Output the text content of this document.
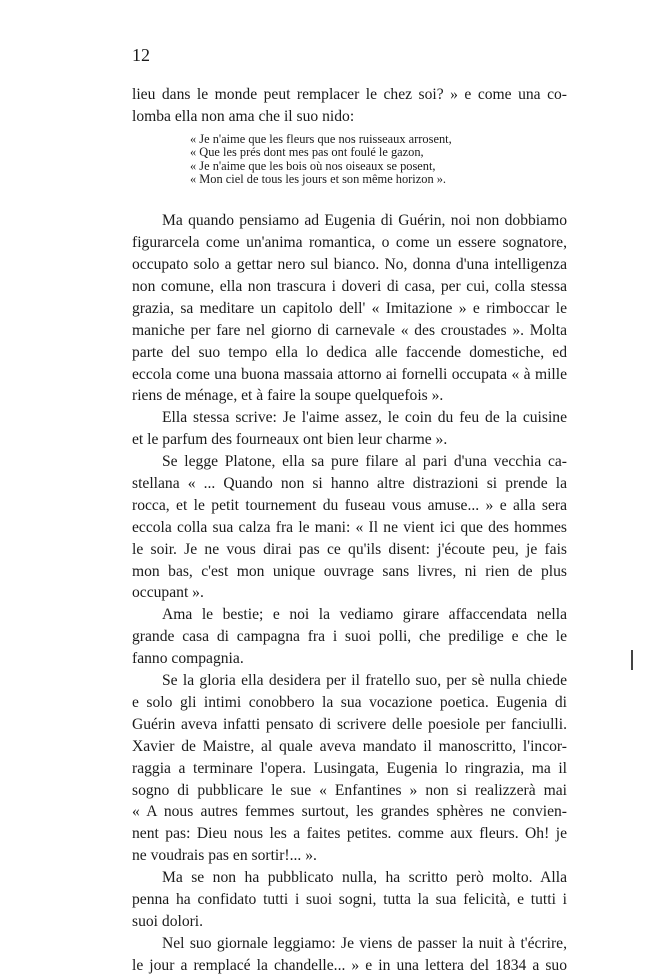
12
lieu dans le monde peut remplacer le chez soi? » e come una co-
lomba ella non ama che il suo nido:
« Je n'aime que les fleurs que nos ruisseaux arrosent,
« Que les prés dont mes pas ont foulé le gazon,
« Je n'aime que les bois où nos oiseaux se posent,
« Mon ciel de tous les jours et son même horizon ».
Ma quando pensiamo ad Eugenia di Guérin, noi non dobbiamo
figurarcela come un'anima romantica, o come un essere sognatore,
occupato solo a gettar nero sul bianco. No, donna d'una intelligenza
non comune, ella non trascura i doveri di casa, per cui, colla stessa
grazia, sa meditare un capitolo dell' « Imitazione » e rimboccar le
maniche per fare nel giorno di carnevale « des croustades ». Molta
parte del suo tempo ella lo dedica alle faccende domestiche, ed
eccola come una buona massaia attorno ai fornelli occupata « à mille
riens de ménage, et à faire la soupe quelquefois ».
Ella stessa scrive: Je l'aime assez, le coin du feu de la cuisine
et le parfum des fourneaux ont bien leur charme ».
Se legge Platone, ella sa pure filare al pari d'una vecchia ca-
stellana « ... Quando non si hanno altre distrazioni si prende la
rocca, et le petit tournement du fuseau vous amuse... » e alla sera
eccola colla sua calza fra le mani: « Il ne vient ici que des hommes
le soir. Je ne vous dirai pas ce qu'ils disent: j'écoute peu, je fais
mon bas, c'est mon unique ouvrage sans livres, ni rien de plus
occupant ».
Ama le bestie; e noi la vediamo girare affaccendata nella
grande casa di campagna fra i suoi polli, che predilige e che le
fanno compagnia.
Se la gloria ella desidera per il fratello suo, per sè nulla chiede
e solo gli intimi conobbero la sua vocazione poetica. Eugenia di
Guérin aveva infatti pensato di scrivere delle poesiole per fanciulli.
Xavier de Maistre, al quale aveva mandato il manoscritto, l'incor-
raggia a terminare l'opera. Lusingata, Eugenia lo ringrazia, ma il
sogno di pubblicare le sue « Enfantines » non si realizzerà mai
« A nous autres femmes surtout, les grandes sphères ne convien-
nent pas: Dieu nous les a faites petites. comme aux fleurs. Oh! je
ne voudrais pas en sortir!... ».
Ma se non ha pubblicato nulla, ha scritto però molto. Alla
penna ha confidato tutti i suoi sogni, tutta la sua felicità, e tutti i
suoi dolori.
Nel suo giornale leggiamo: Je viens de passer la nuit à t'écrire,
le jour a remplacé la chandelle... » e in una lettera del 1834 a suo
